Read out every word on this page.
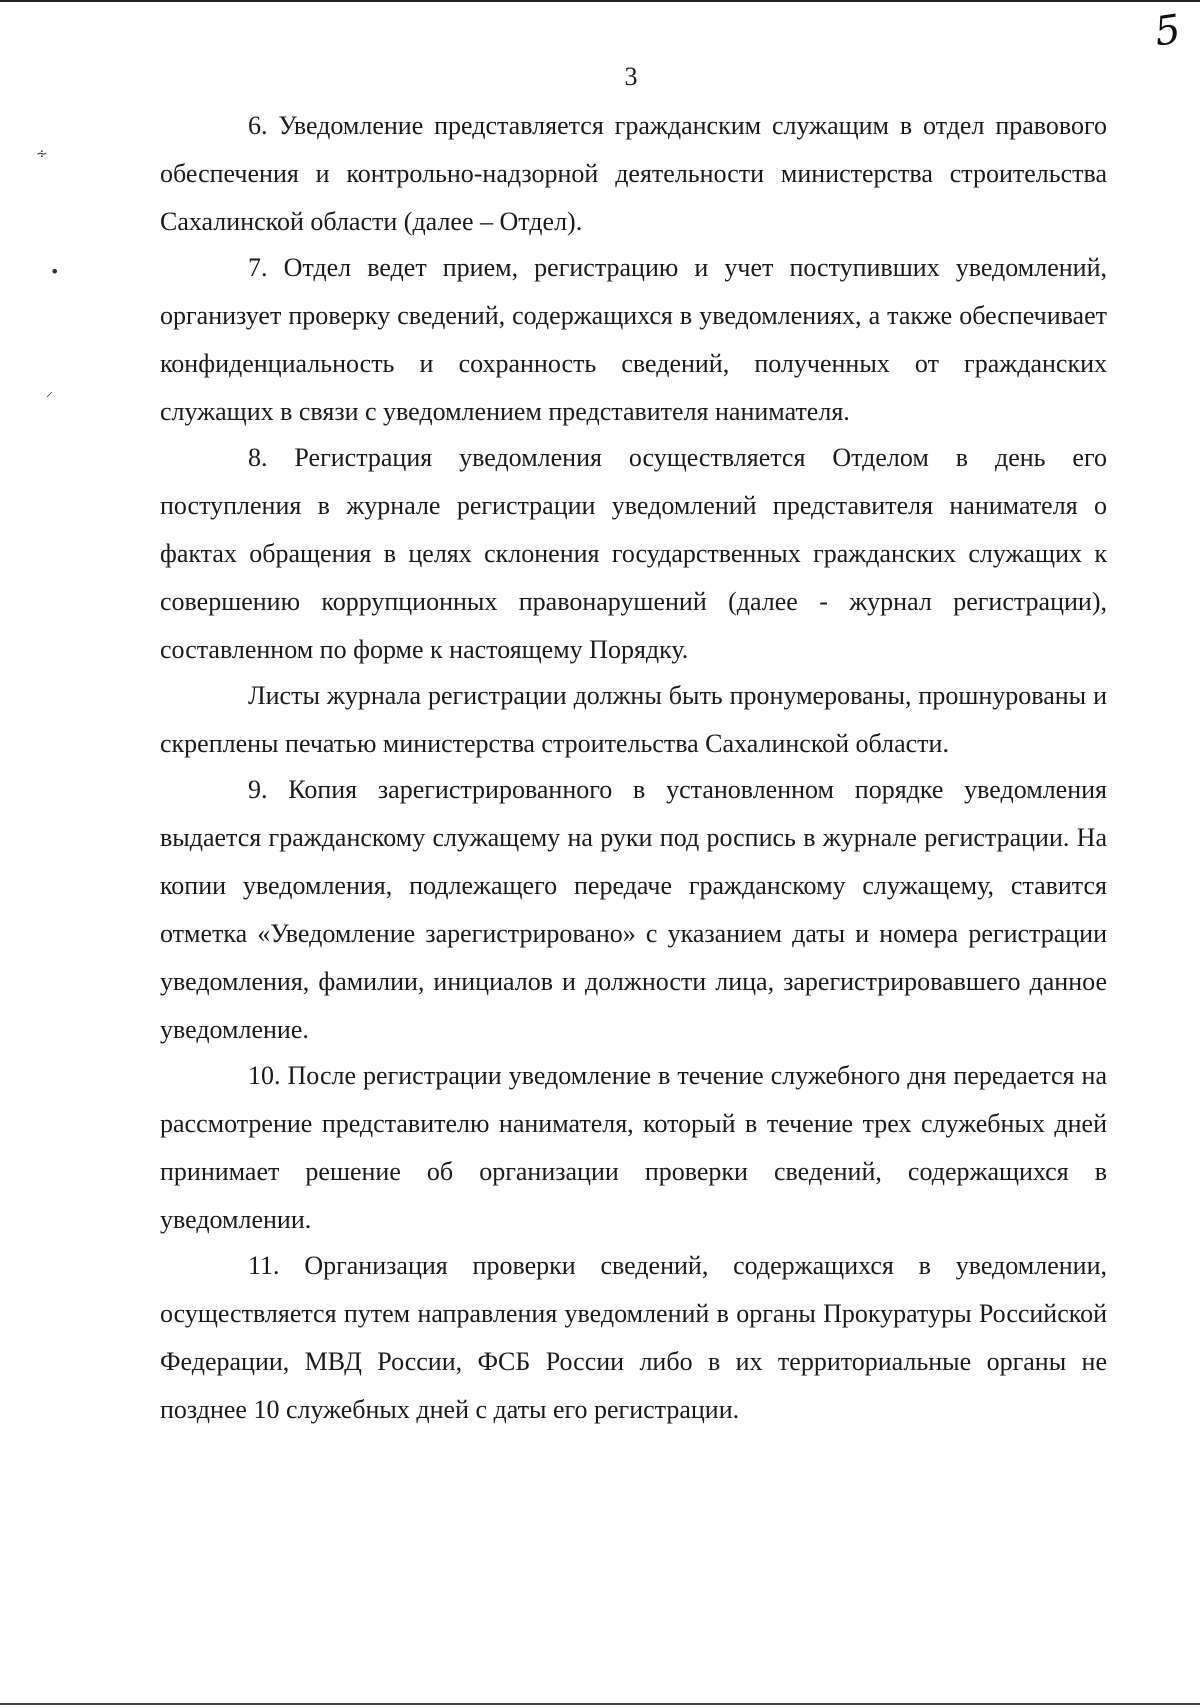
5
3
∻
•
⸝

6. Уведомление представляется гражданским служащим в отдел правового обеспечения и контрольно-надзорной деятельности министерства строительства Сахалинской области (далее – Отдел).

7. Отдел ведет прием, регистрацию и учет поступивших уведомлений, организует проверку сведений, содержащихся в уведомлениях, а также обеспечивает конфиденциальность и сохранность сведений, полученных от гражданских служащих в связи с уведомлением представителя нанимателя.

8. Регистрация уведомления осуществляется Отделом в день его поступления в журнале регистрации уведомлений представителя нанимателя о фактах обращения в целях склонения государственных гражданских служащих к совершению коррупционных правонарушений (далее - журнал регистрации), составленном по форме к настоящему Порядку.

Листы журнала регистрации должны быть пронумерованы, прошнурованы и скреплены печатью министерства строительства Сахалинской области.

9. Копия зарегистрированного в установленном порядке уведомления выдается гражданскому служащему на руки под роспись в журнале регистрации. На копии уведомления, подлежащего передаче гражданскому служащему, ставится отметка «Уведомление зарегистрировано» с указанием даты и номера регистрации уведомления, фамилии, инициалов и должности лица, зарегистрировавшего данное уведомление.

10. После регистрации уведомление в течение служебного дня передается на рассмотрение представителю нанимателя, который в течение трех служебных дней принимает решение об организации проверки сведений, содержащихся в уведомлении.

11. Организация проверки сведений, содержащихся в уведомлении, осуществляется путем направления уведомлений в органы Прокуратуры Российской Федерации, МВД России, ФСБ России либо в их территориальные органы не позднее 10 служебных дней с даты его регистрации.
